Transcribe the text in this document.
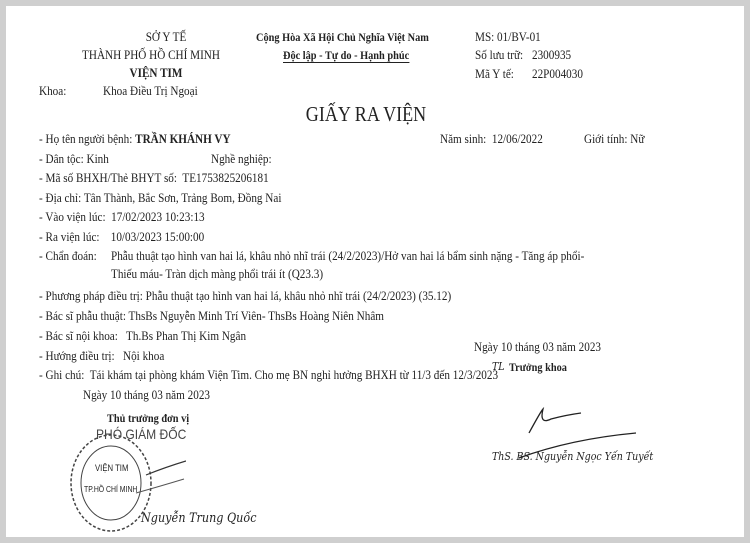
SỞ Y TẾ
THÀNH PHỐ HỒ CHÍ MINH
VIỆN TIM
Khoa:	Khoa Điều Trị Ngoại
Cộng Hòa Xã Hội Chủ Nghĩa Việt Nam
Độc lập - Tự do - Hạnh phúc
MS: 01/BV-01
Số lưu trữ: 2300935
Mã Y tế: 22P004030
GIẤY RA VIỆN
- Họ tên người bệnh: TRẦN KHÁNH VY	Năm sinh: 12/06/2022	Giới tính: Nữ
- Dân tộc: Kinh	Nghề nghiệp:
- Mã số BHXH/Thẻ BHYT số: TE1753825206181
- Địa chỉ: Tân Thành, Bắc Sơn, Trảng Bom, Đồng Nai
- Vào viện lúc: 17/02/2023 10:23:13
- Ra viện lúc: 10/03/2023 15:00:00
- Chẩn đoán: Phẫu thuật tạo hình van hai lá, khâu nhỏ nhĩ trái (24/2/2023)/Hở van hai lá bẩm sinh nặng - Tăng áp phổi-
Thiếu máu- Tràn dịch màng phổi trái ít (Q23.3)
- Phương pháp điều trị: Phẫu thuật tạo hình van hai lá, khâu nhỏ nhĩ trái (24/2/2023) (35.12)
- Bác sĩ phẫu thuật: ThsBs Nguyễn Minh Trí Viên- ThsBs Hoàng Niên Nhâm
- Bác sĩ nội khoa: Th.Bs Phan Thị Kim Ngân
- Hướng điều trị: Nội khoa
- Ghi chú: Tái khám tại phòng khám Viện Tim. Cho mẹ BN nghỉ hưởng BHXH từ 11/3 đến 12/3/2023
Ngày 10 tháng 03 năm 2023
Thủ trưởng đơn vị
PHÓ GIÁM ĐỐC
VIỆN TIM
TP.HỒ CHÍ MINH
Nguyễn Trung Quốc
Ngày 10 tháng 03 năm 2023
TL Trưởng khoa
ThS. BS. Nguyễn Ngọc Yến Tuyết
